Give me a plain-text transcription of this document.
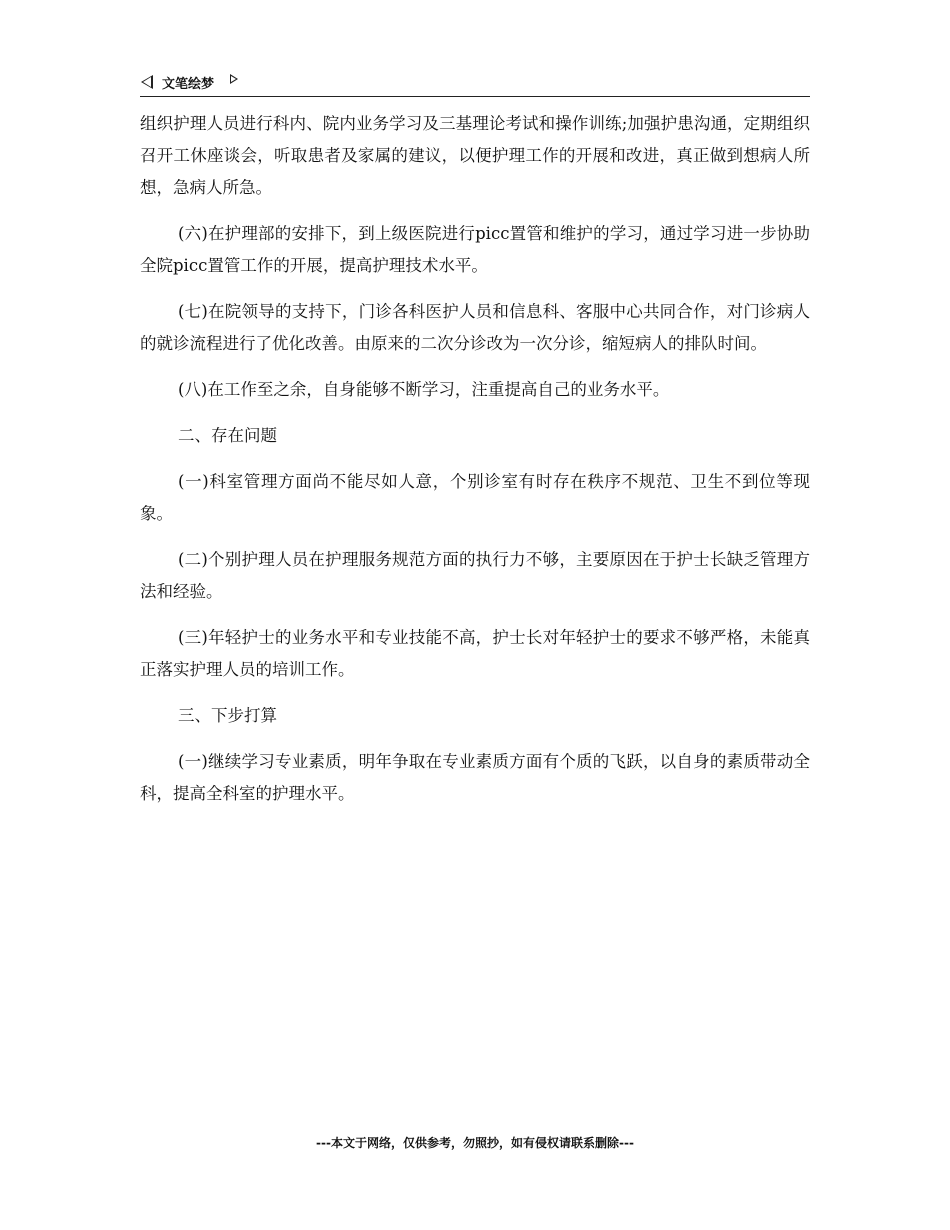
文笔绘梦

组织护理人员进行科内、院内业务学习及三基理论考试和操作训练;加强护患沟通，定期组织召开工休座谈会，听取患者及家属的建议，以便护理工作的开展和改进，真正做到想病人所想，急病人所急。

(六)在护理部的安排下，到上级医院进行picc置管和维护的学习，通过学习进一步协助全院picc置管工作的开展，提高护理技术水平。

(七)在院领导的支持下，门诊各科医护人员和信息科、客服中心共同合作，对门诊病人的就诊流程进行了优化改善。由原来的二次分诊改为一次分诊，缩短病人的排队时间。

(八)在工作至之余，自身能够不断学习，注重提高自己的业务水平。

二、存在问题

(一)科室管理方面尚不能尽如人意，个别诊室有时存在秩序不规范、卫生不到位等现象。

(二)个别护理人员在护理服务规范方面的执行力不够，主要原因在于护士长缺乏管理方法和经验。

(三)年轻护士的业务水平和专业技能不高，护士长对年轻护士的要求不够严格，未能真正落实护理人员的培训工作。

三、下步打算

(一)继续学习专业素质，明年争取在专业素质方面有个质的飞跃，以自身的素质带动全科，提高全科室的护理水平。

---本文于网络，仅供参考，勿照抄，如有侵权请联系删除---
